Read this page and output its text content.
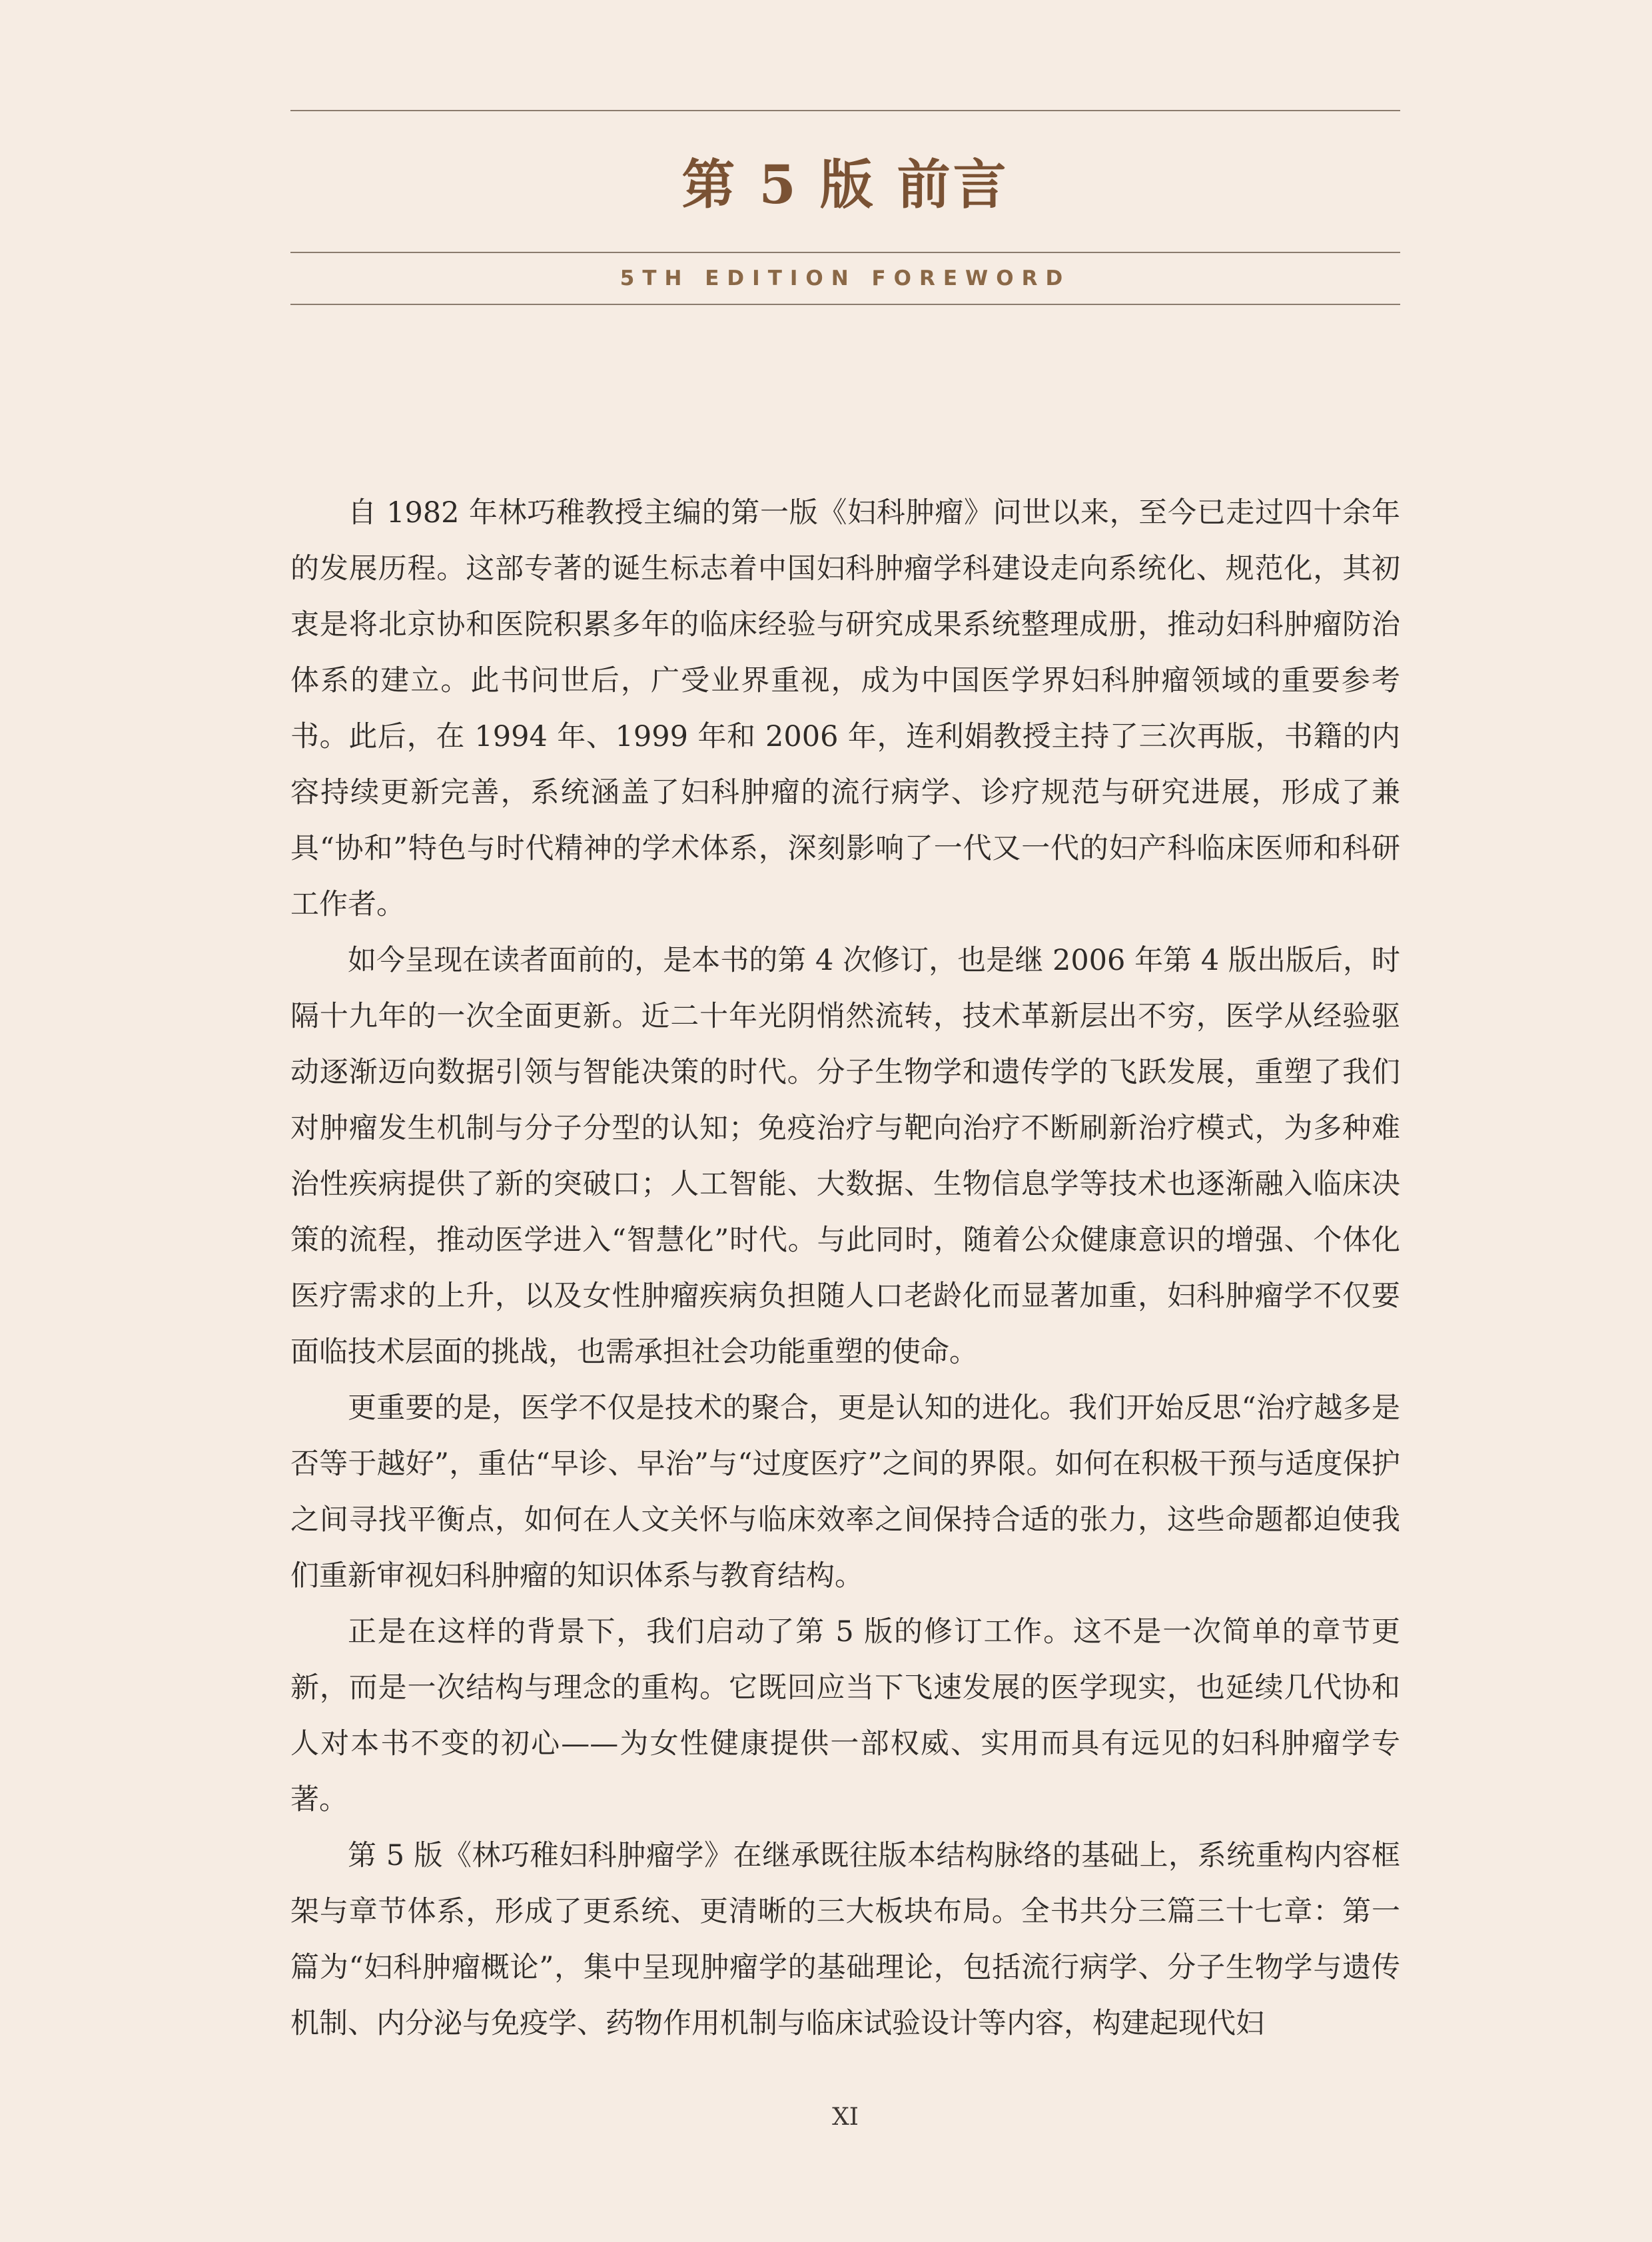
第 5 版 前言
5TH EDITION FOREWORD

自 1982 年林巧稚教授主编的第一版《妇科肿瘤》问世以来，至今已走过四十余年的发展历程。这部专著的诞生标志着中国妇科肿瘤学科建设走向系统化、规范化，其初衷是将北京协和医院积累多年的临床经验与研究成果系统整理成册，推动妇科肿瘤防治体系的建立。此书问世后，广受业界重视，成为中国医学界妇科肿瘤领域的重要参考书。此后，在 1994 年、1999 年和 2006 年，连利娟教授主持了三次再版，书籍的内容持续更新完善，系统涵盖了妇科肿瘤的流行病学、诊疗规范与研究进展，形成了兼具“协和”特色与时代精神的学术体系，深刻影响了一代又一代的妇产科临床医师和科研工作者。

如今呈现在读者面前的，是本书的第 4 次修订，也是继 2006 年第 4 版出版后，时隔十九年的一次全面更新。近二十年光阴悄然流转，技术革新层出不穷，医学从经验驱动逐渐迈向数据引领与智能决策的时代。分子生物学和遗传学的飞跃发展，重塑了我们对肿瘤发生机制与分子分型的认知；免疫治疗与靶向治疗不断刷新治疗模式，为多种难治性疾病提供了新的突破口；人工智能、大数据、生物信息学等技术也逐渐融入临床决策的流程，推动医学进入“智慧化”时代。与此同时，随着公众健康意识的增强、个体化医疗需求的上升，以及女性肿瘤疾病负担随人口老龄化而显著加重，妇科肿瘤学不仅要面临技术层面的挑战，也需承担社会功能重塑的使命。

更重要的是，医学不仅是技术的聚合，更是认知的进化。我们开始反思“治疗越多是否等于越好”，重估“早诊、早治”与“过度医疗”之间的界限。如何在积极干预与适度保护之间寻找平衡点，如何在人文关怀与临床效率之间保持合适的张力，这些命题都迫使我们重新审视妇科肿瘤的知识体系与教育结构。

正是在这样的背景下，我们启动了第 5 版的修订工作。这不是一次简单的章节更新，而是一次结构与理念的重构。它既回应当下飞速发展的医学现实，也延续几代协和人对本书不变的初心——为女性健康提供一部权威、实用而具有远见的妇科肿瘤学专著。

第 5 版《林巧稚妇科肿瘤学》在继承既往版本结构脉络的基础上，系统重构内容框架与章节体系，形成了更系统、更清晰的三大板块布局。全书共分三篇三十七章：第一篇为“妇科肿瘤概论”，集中呈现肿瘤学的基础理论，包括流行病学、分子生物学与遗传机制、内分泌与免疫学、药物作用机制与临床试验设计等内容，构建起现代妇

XI
